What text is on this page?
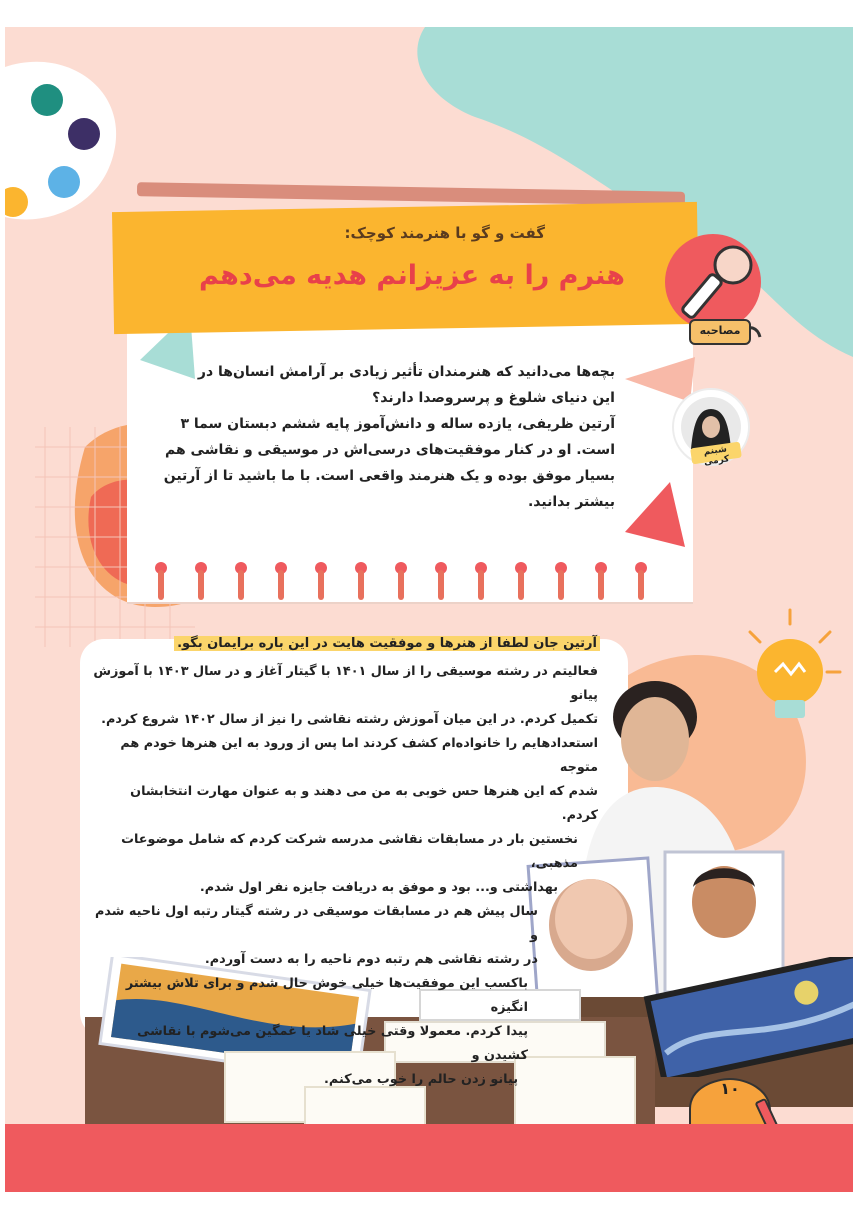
گفت و گو با هنرمند کوچک:
هنرم را به عزیزانم هدیه می‌دهم
مصاحبه

بچه‌ها می‌دانید که هنرمندان تأثیر زیادی بر آرامش انسان‌ها در

این دنیای شلوغ و پرسروصدا دارند؟

آرتین ظریفی، یازده ساله و دانش‌آموز پایه ششم دبستان سما ۳

است. او در کنار موفقیت‌های درسی‌اش در موسیقی و نقاشی هم

بسیار موفق بوده و یک هنرمند واقعی است. با ما باشید تا از آرتین

بیشتر بدانید.

شبنم کرمی
۱۰
آرتین جان لطفا از هنرها و موفقیت هایت در این باره برایمان بگو.

فعالیتم در رشته موسیقی را از سال ۱۴۰۱ با گیتار آغاز و در سال ۱۴۰۳ با آموزش پیانو

تکمیل کردم. در این میان آموزش رشته نقاشی را نیز از سال ۱۴۰۲ شروع کردم.

استعدادهایم را خانواده‌ام کشف کردند اما پس از ورود به این هنرها خودم هم متوجه

شدم که این هنرها حس خوبی به من می دهند و به عنوان مهارت انتخابشان کردم.

نخستین بار در مسابقات نقاشی مدرسه شرکت کردم که شامل موضوعات مذهبی،

بهداشتی و... بود و موفق به دریافت جایزه نفر اول شدم.

سال پیش هم در مسابقات موسیقی در رشته گیتار رتبه اول ناحیه شدم و

در رشته نقاشی هم رتبه دوم ناحیه را به دست آوردم.

باکسب این موفقیت‌ها خیلی خوش حال شدم و برای تلاش بیشتر انگیزه

پیدا کردم. معمولا وقتی خیلی شاد یا غمگین می‌شوم با نقاشی کشیدن و

پیانو زدن حالم را خوب می‌کنم.
